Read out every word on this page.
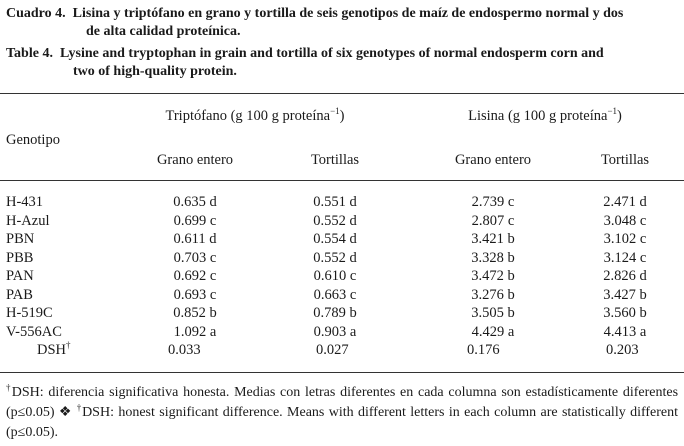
Cuadro 4. Lisina y triptófano en grano y tortilla de seis genotipos de maíz de endospermo normal y dos
de alta calidad proteínica.
Table 4. Lysine and tryptophan in grain and tortilla of six genotypes of normal endosperm corn and
two of high-quality protein.
Genotipo
Triptófano (g 100 g proteína$^{-1}$)	Lisina (g 100 g proteína$^{-1}$)
Grano entero	Tortillas	Grano entero	Tortillas
H-431	0.635 d	0.551 d	2.739 c	2.471 d
H-Azul	0.699 c	0.552 d	2.807 c	3.048 c
PBN	0.611 d	0.554 d	3.421 b	3.102 c
PBB	0.703 c	0.552 d	3.328 b	3.124 c
PAN	0.692 c	0.610 c	3.472 b	2.826 d
PAB	0.693 c	0.663 c	3.276 b	3.427 b
H-519C	0.852 b	0.789 b	3.505 b	3.560 b
V-556AC	1.092 a	0.903 a	4.429 a	4.413 a
DSH†	0.033	0.027	0.176	0.203
†DSH: diferencia significativa honesta. Medias con letras diferentes en cada columna son estadísticamente diferentes (p≤0.05) ❖ †DSH: honest significant difference. Means with different letters in each column are statistically different (p≤0.05).
